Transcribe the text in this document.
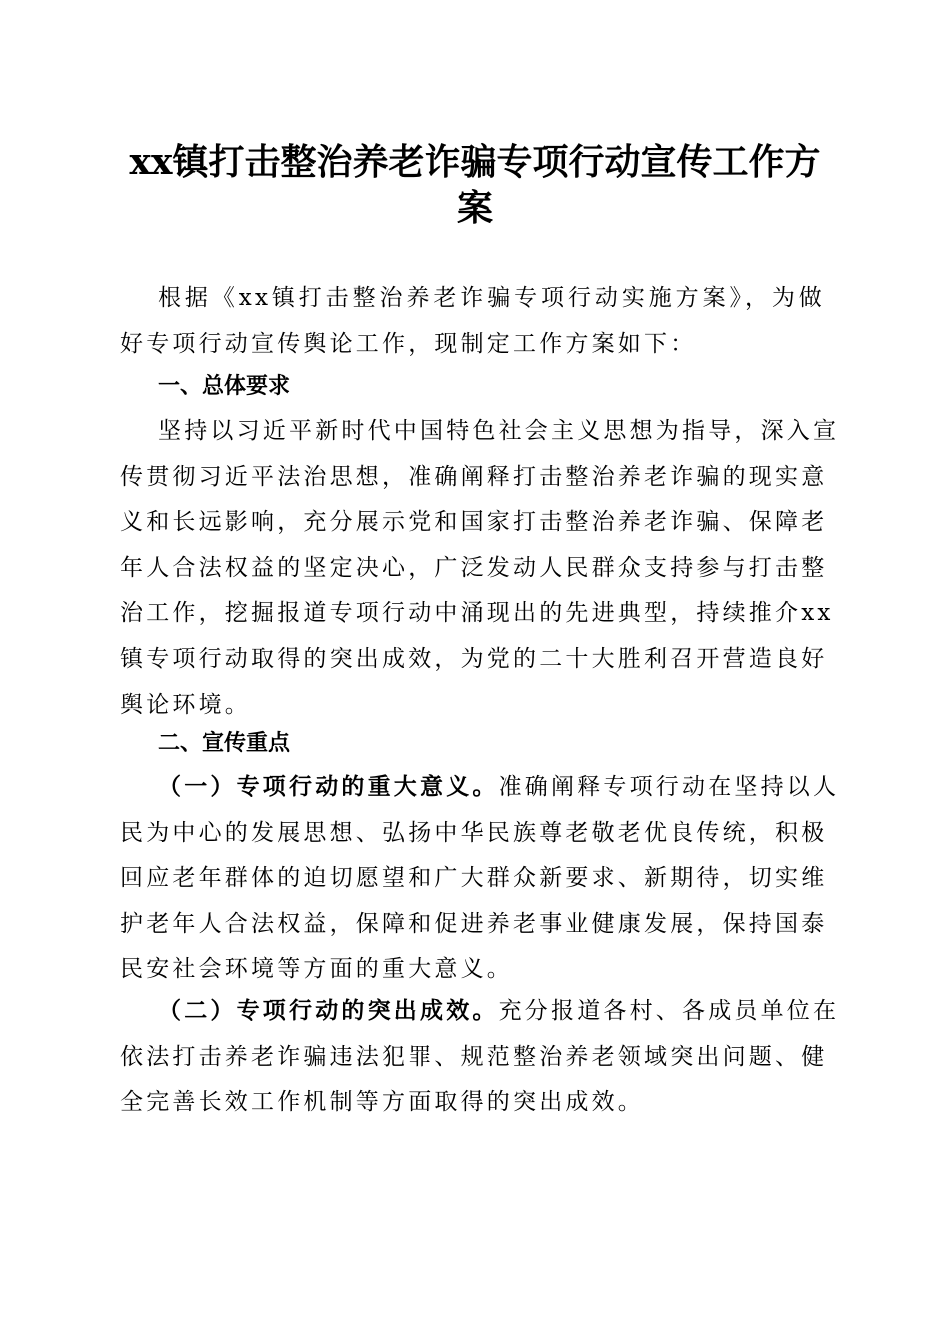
xx镇打击整治养老诈骗专项行动宣传工作方
案
根据《xx镇打击整治养老诈骗专项行动实施方案》，为做
好专项行动宣传舆论工作，现制定工作方案如下：
一、总体要求
坚持以习近平新时代中国特色社会主义思想为指导，深入宣
传贯彻习近平法治思想，准确阐释打击整治养老诈骗的现实意
义和长远影响，充分展示党和国家打击整治养老诈骗、保障老
年人合法权益的坚定决心，广泛发动人民群众支持参与打击整
治工作，挖掘报道专项行动中涌现出的先进典型，持续推介xx
镇专项行动取得的突出成效，为党的二十大胜利召开营造良好
舆论环境。
二、宣传重点
（一）专项行动的重大意义。准确阐释专项行动在坚持以人
民为中心的发展思想、弘扬中华民族尊老敬老优良传统，积极
回应老年群体的迫切愿望和广大群众新要求、新期待，切实维
护老年人合法权益，保障和促进养老事业健康发展，保持国泰
民安社会环境等方面的重大意义。
（二）专项行动的突出成效。充分报道各村、各成员单位在
依法打击养老诈骗违法犯罪、规范整治养老领域突出问题、健
全完善长效工作机制等方面取得的突出成效。
